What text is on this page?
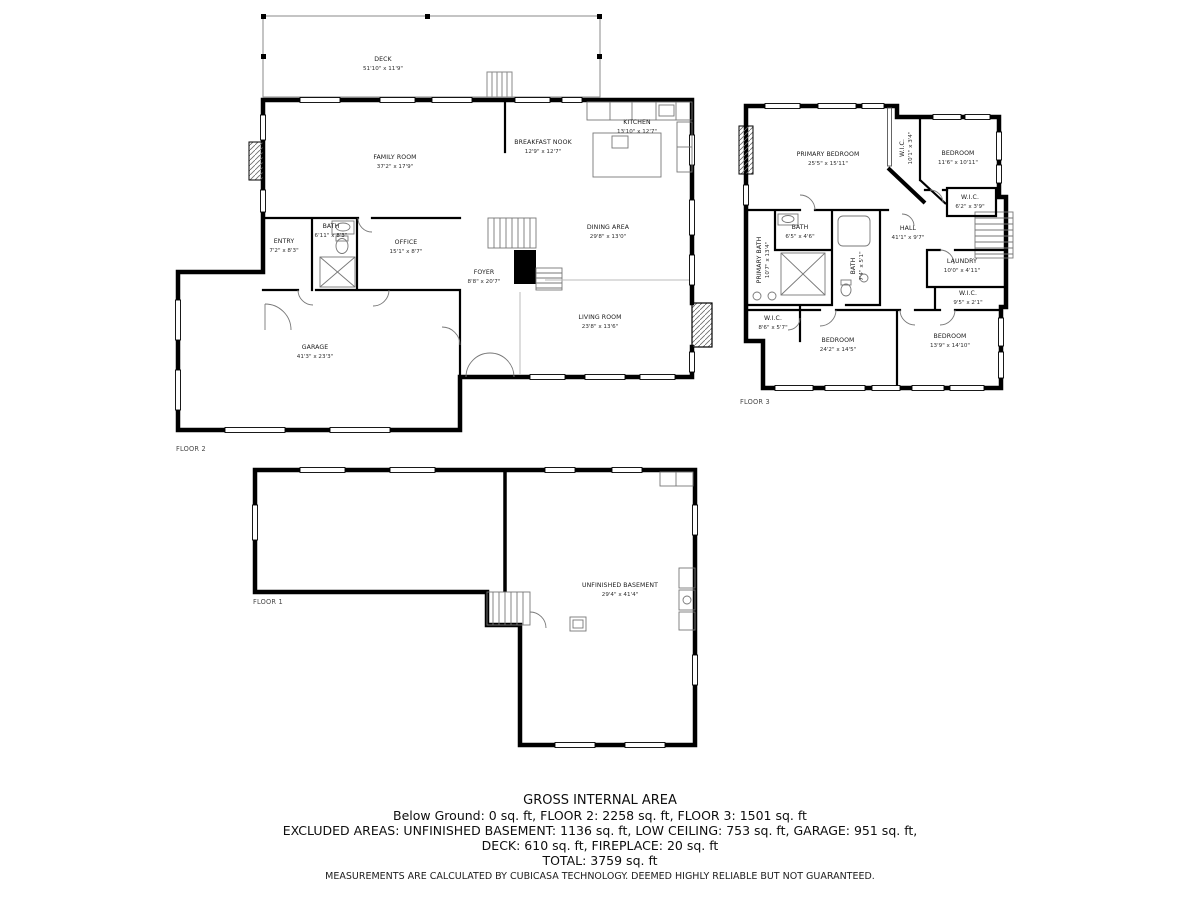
DECK
51'10" x 11'9"
FAMILY ROOM
37'2" x 17'9"
BREAKFAST NOOK
12'9" x 12'7"
KITCHEN
13'10" x 12'7"
DINING AREA
29'8" x 13'0"
ENTRY
7'2" x 8'3"
BATH
6'11" x 8'3"
OFFICE
15'1" x 8'7"
FOYER
8'8" x 20'7"
LIVING ROOM
23'8" x 13'6"
GARAGE
41'3" x 23'3"
FLOOR 2
PRIMARY BEDROOM
25'5" x 15'11"
W.I.C. 10'1" x 3'4"	BEDROOM
11'6" x 10'11"
W.I.C.
6'2" x 3'9"
BATH
6'5" x 4'6"
PRIMARY BATH 10'7" x 13'4"	BATH 7'4" x 5'1"
HALL
41'1" x 9'7"
LAUNDRY
10'0" x 4'11"
W.I.C.
9'5" x 2'1"
W.I.C.
8'6" x 5'7"
BEDROOM
24'2" x 14'5"
BEDROOM
13'9" x 14'10"
FLOOR 3
UNFINISHED BASEMENT
29'4" x 41'4"
FLOOR 1
GROSS INTERNAL AREA
Below Ground: 0 sq. ft, FLOOR 2: 2258 sq. ft, FLOOR 3: 1501 sq. ft
EXCLUDED AREAS: UNFINISHED BASEMENT: 1136 sq. ft, LOW CEILING: 753 sq. ft, GARAGE: 951 sq. ft,
DECK: 610 sq. ft, FIREPLACE: 20 sq. ft
TOTAL: 3759 sq. ft
MEASUREMENTS ARE CALCULATED BY CUBICASA TECHNOLOGY. DEEMED HIGHLY RELIABLE BUT NOT GUARANTEED.
